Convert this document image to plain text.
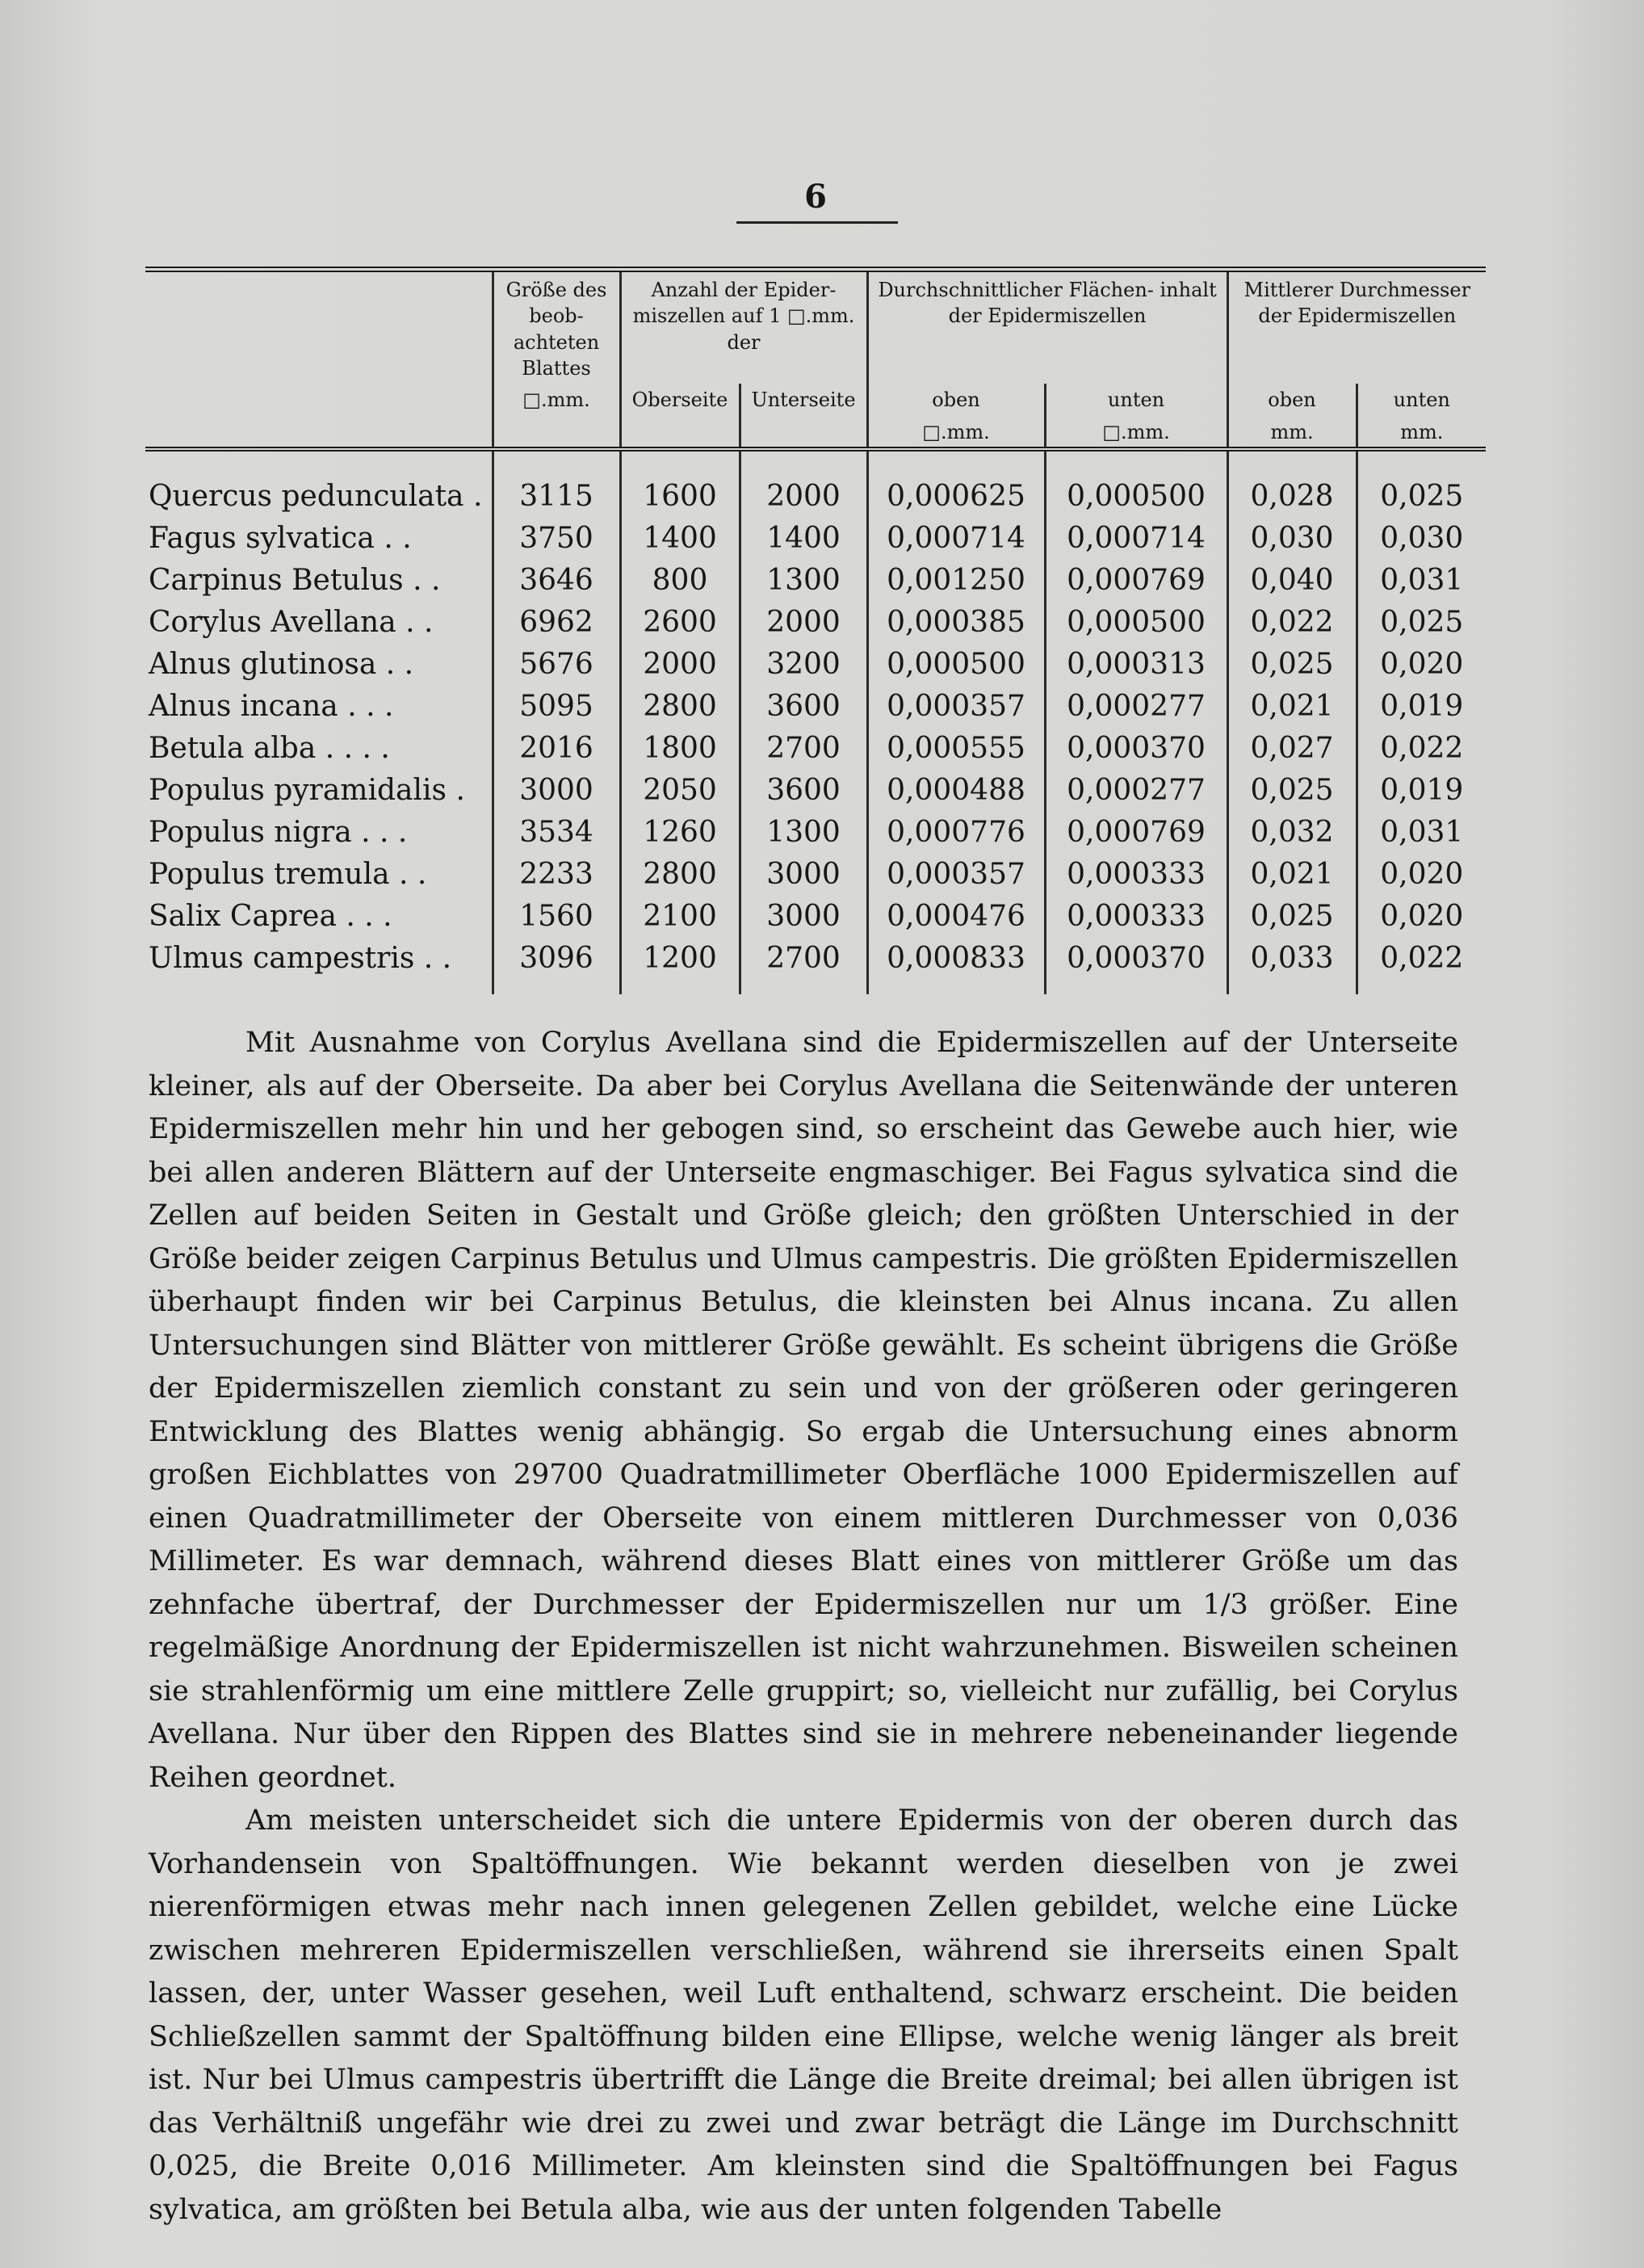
6
	Größe des beob- achteten Blattes	Anzahl der Epider- miszellen auf 1 □.mm. der		Durchschnittlicher Flächen- inhalt der Epidermiszellen		Mittlerer Durchmesser der Epidermiszellen	
	□.mm.	Oberseite	Unterseite	oben	unten	oben	unten
				□.mm.	□.mm.	mm.	mm.
Quercus pedunculata .	3115	1600	2000	0,000625	0,000500	0,028	0,025
Fagus sylvatica . .	3750	1400	1400	0,000714	0,000714	0,030	0,030
Carpinus Betulus . .	3646	800	1300	0,001250	0,000769	0,040	0,031
Corylus Avellana . .	6962	2600	2000	0,000385	0,000500	0,022	0,025
Alnus glutinosa . .	5676	2000	3200	0,000500	0,000313	0,025	0,020
Alnus incana . . .	5095	2800	3600	0,000357	0,000277	0,021	0,019
Betula alba . . . .	2016	1800	2700	0,000555	0,000370	0,027	0,022
Populus pyramidalis .	3000	2050	3600	0,000488	0,000277	0,025	0,019
Populus nigra . . .	3534	1260	1300	0,000776	0,000769	0,032	0,031
Populus tremula . .	2233	2800	3000	0,000357	0,000333	0,021	0,020
Salix Caprea . . .	1560	2100	3000	0,000476	0,000333	0,025	0,020
Ulmus campestris . .	3096	1200	2700	0,000833	0,000370	0,033	0,022

Mit Ausnahme von Corylus Avellana sind die Epidermiszellen auf der Unterseite kleiner, als auf der Oberseite. Da aber bei Corylus Avellana die Seitenwände der unteren Epidermiszellen mehr hin und her gebogen sind, so erscheint das Gewebe auch hier, wie bei allen anderen Blättern auf der Unterseite engmaschiger. Bei Fagus sylvatica sind die Zellen auf beiden Seiten in Gestalt und Größe gleich; den größten Unterschied in der Größe beider zeigen Carpinus Betulus und Ulmus campestris. Die größten Epidermiszellen überhaupt finden wir bei Carpinus Betulus, die kleinsten bei Alnus incana. Zu allen Untersuchungen sind Blätter von mittlerer Größe gewählt. Es scheint übrigens die Größe der Epidermiszellen ziemlich constant zu sein und von der größeren oder geringeren Entwicklung des Blattes wenig abhängig. So ergab die Untersuchung eines abnorm großen Eichblattes von 29700 Quadratmillimeter Oberfläche 1000 Epidermiszellen auf einen Quadratmillimeter der Oberseite von einem mittleren Durchmesser von 0,036 Millimeter. Es war demnach, während dieses Blatt eines von mittlerer Größe um das zehnfache übertraf, der Durchmesser der Epidermiszellen nur um 1/3 größer. Eine regelmäßige Anordnung der Epidermiszellen ist nicht wahrzunehmen. Bisweilen scheinen sie strahlenförmig um eine mittlere Zelle gruppirt; so, vielleicht nur zufällig, bei Corylus Avellana. Nur über den Rippen des Blattes sind sie in mehrere nebeneinander liegende Reihen geordnet.

Am meisten unterscheidet sich die untere Epidermis von der oberen durch das Vorhandensein von Spaltöffnungen. Wie bekannt werden dieselben von je zwei nierenförmigen etwas mehr nach innen gelegenen Zellen gebildet, welche eine Lücke zwischen mehreren Epidermiszellen verschließen, während sie ihrerseits einen Spalt lassen, der, unter Wasser gesehen, weil Luft enthaltend, schwarz erscheint. Die beiden Schließzellen sammt der Spaltöffnung bilden eine Ellipse, welche wenig länger als breit ist. Nur bei Ulmus campestris übertrifft die Länge die Breite dreimal; bei allen übrigen ist das Verhältniß ungefähr wie drei zu zwei und zwar beträgt die Länge im Durchschnitt 0,025, die Breite 0,016 Millimeter. Am kleinsten sind die Spaltöffnungen bei Fagus sylvatica, am größten bei Betula alba, wie aus der unten folgenden Tabelle
